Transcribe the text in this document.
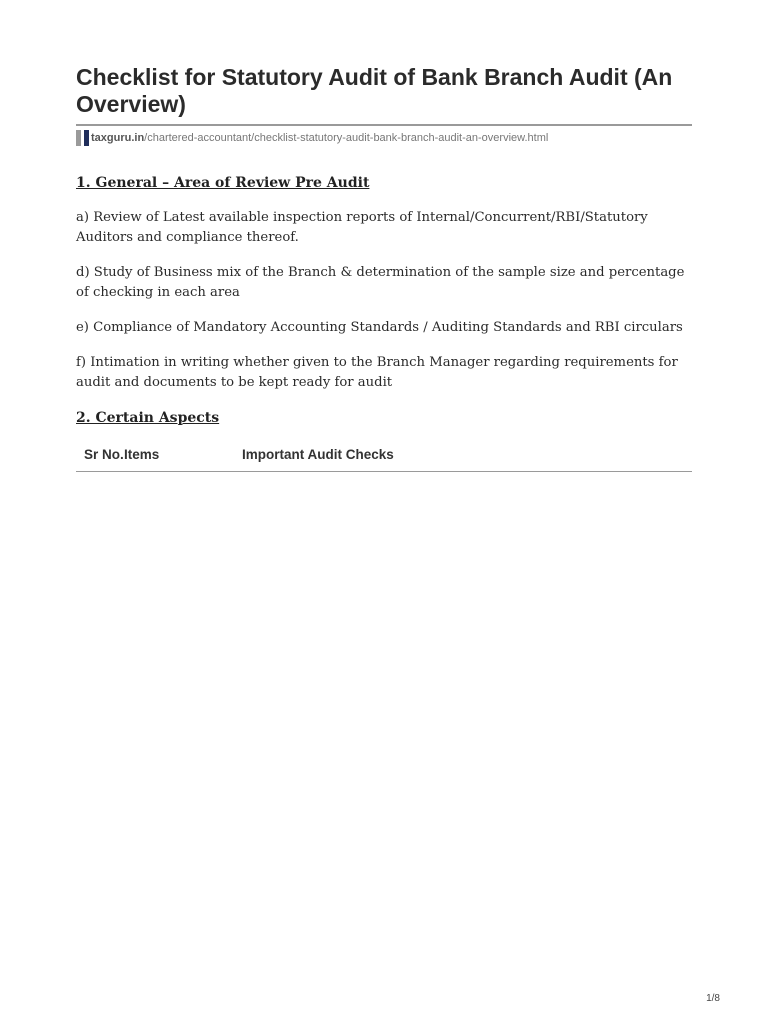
Checklist for Statutory Audit of Bank Branch Audit (An Overview)
taxguru.in /chartered-accountant/checklist-statutory-audit-bank-branch-audit-an-overview.html
1. General – Area of Review Pre Audit

a) Review of Latest available inspection reports of Internal/Concurrent/RBI/Statutory Auditors and compliance thereof.

d) Study of Business mix of the Branch & determination of the sample size and percentage of checking in each area

e) Compliance of Mandatory Accounting Standards / Auditing Standards and RBI circulars

f) Intimation in writing whether given to the Branch Manager regarding requirements for audit and documents to be kept ready for audit

2. Certain Aspects
Sr No. Items	Important Audit Checks
1/8
